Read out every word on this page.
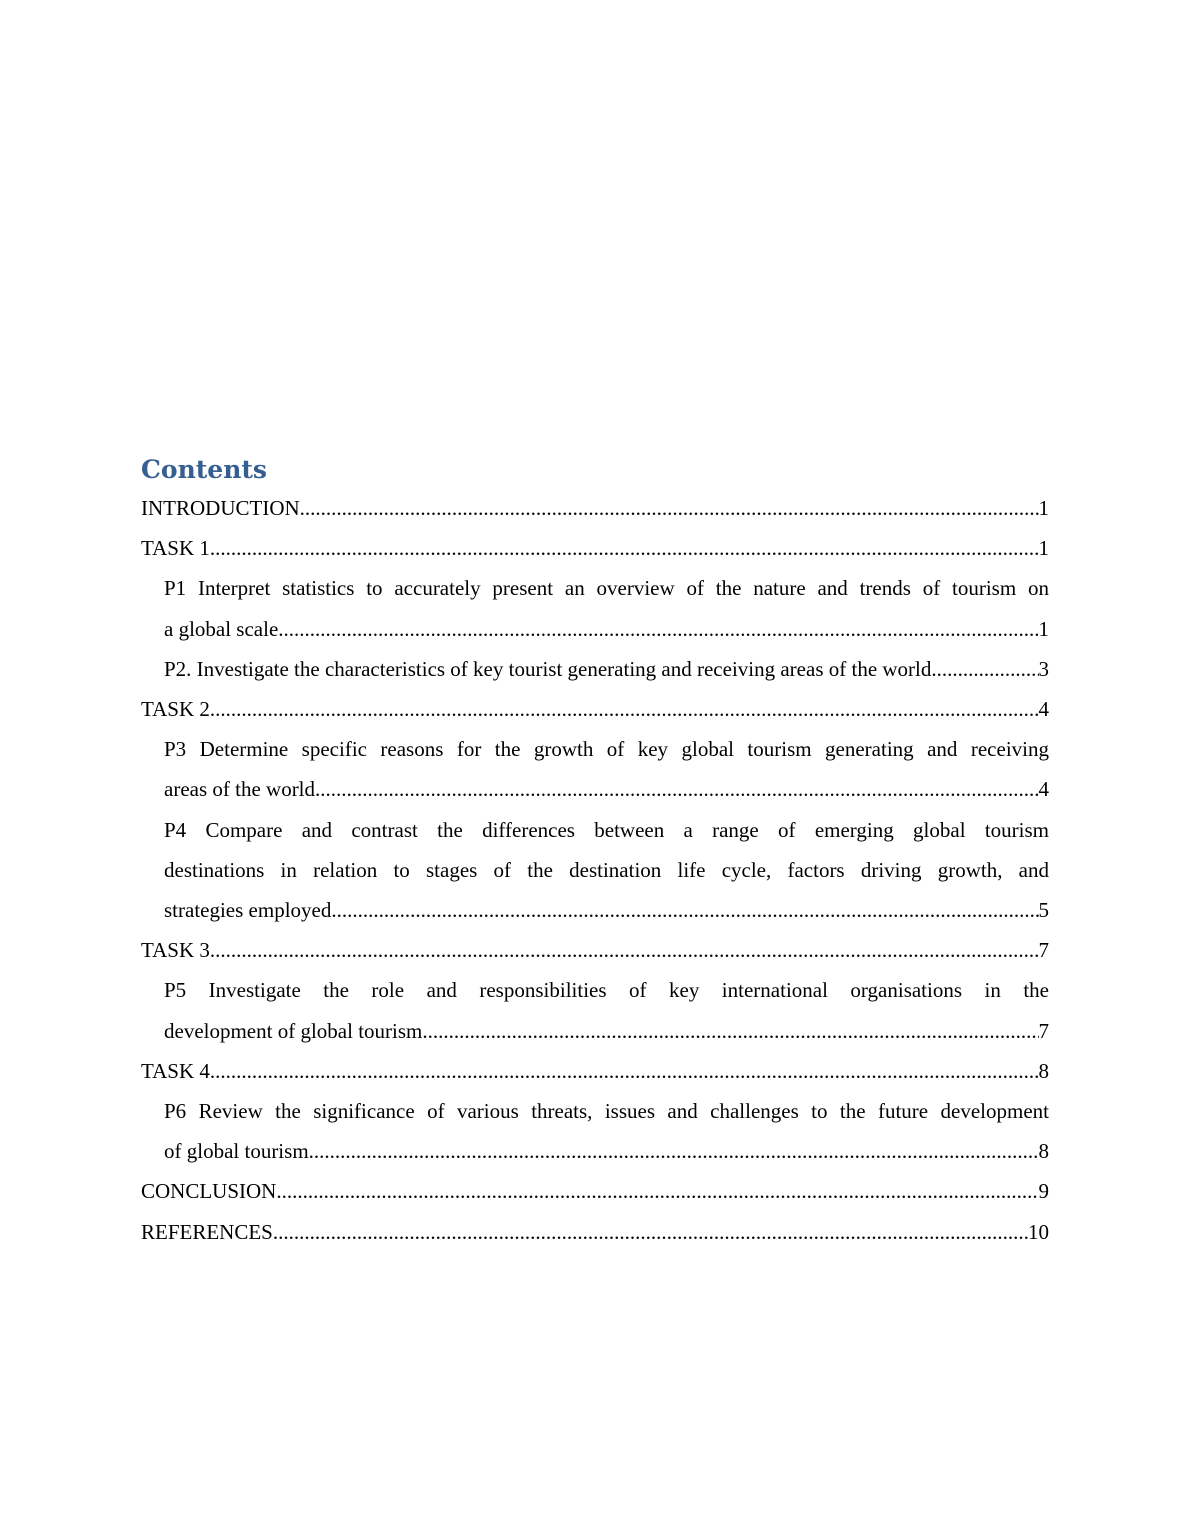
Contents
INTRODUCTION .....	1
TASK 1 .....	1
P1 Interpret statistics to accurately present an overview of the nature and trends of tourism on
a global scale .....	1
P2. Investigate the characteristics of key tourist generating and receiving areas of the world. .....	3
TASK 2 .....	4
P3 Determine specific reasons for the growth of key global tourism generating and receiving
areas of the world .....	4
P4 Compare and contrast the differences between a range of emerging global tourism
destinations in relation to stages of the destination life cycle, factors driving growth, and
strategies employed .....	5
TASK 3 .....	7
P5 Investigate the role and responsibilities of key international organisations in the
development of global tourism .....	7
TASK 4 .....	8
P6 Review the significance of various threats, issues and challenges to the future development
of global tourism .....	8
CONCLUSION .....	9
REFERENCES .....	10
